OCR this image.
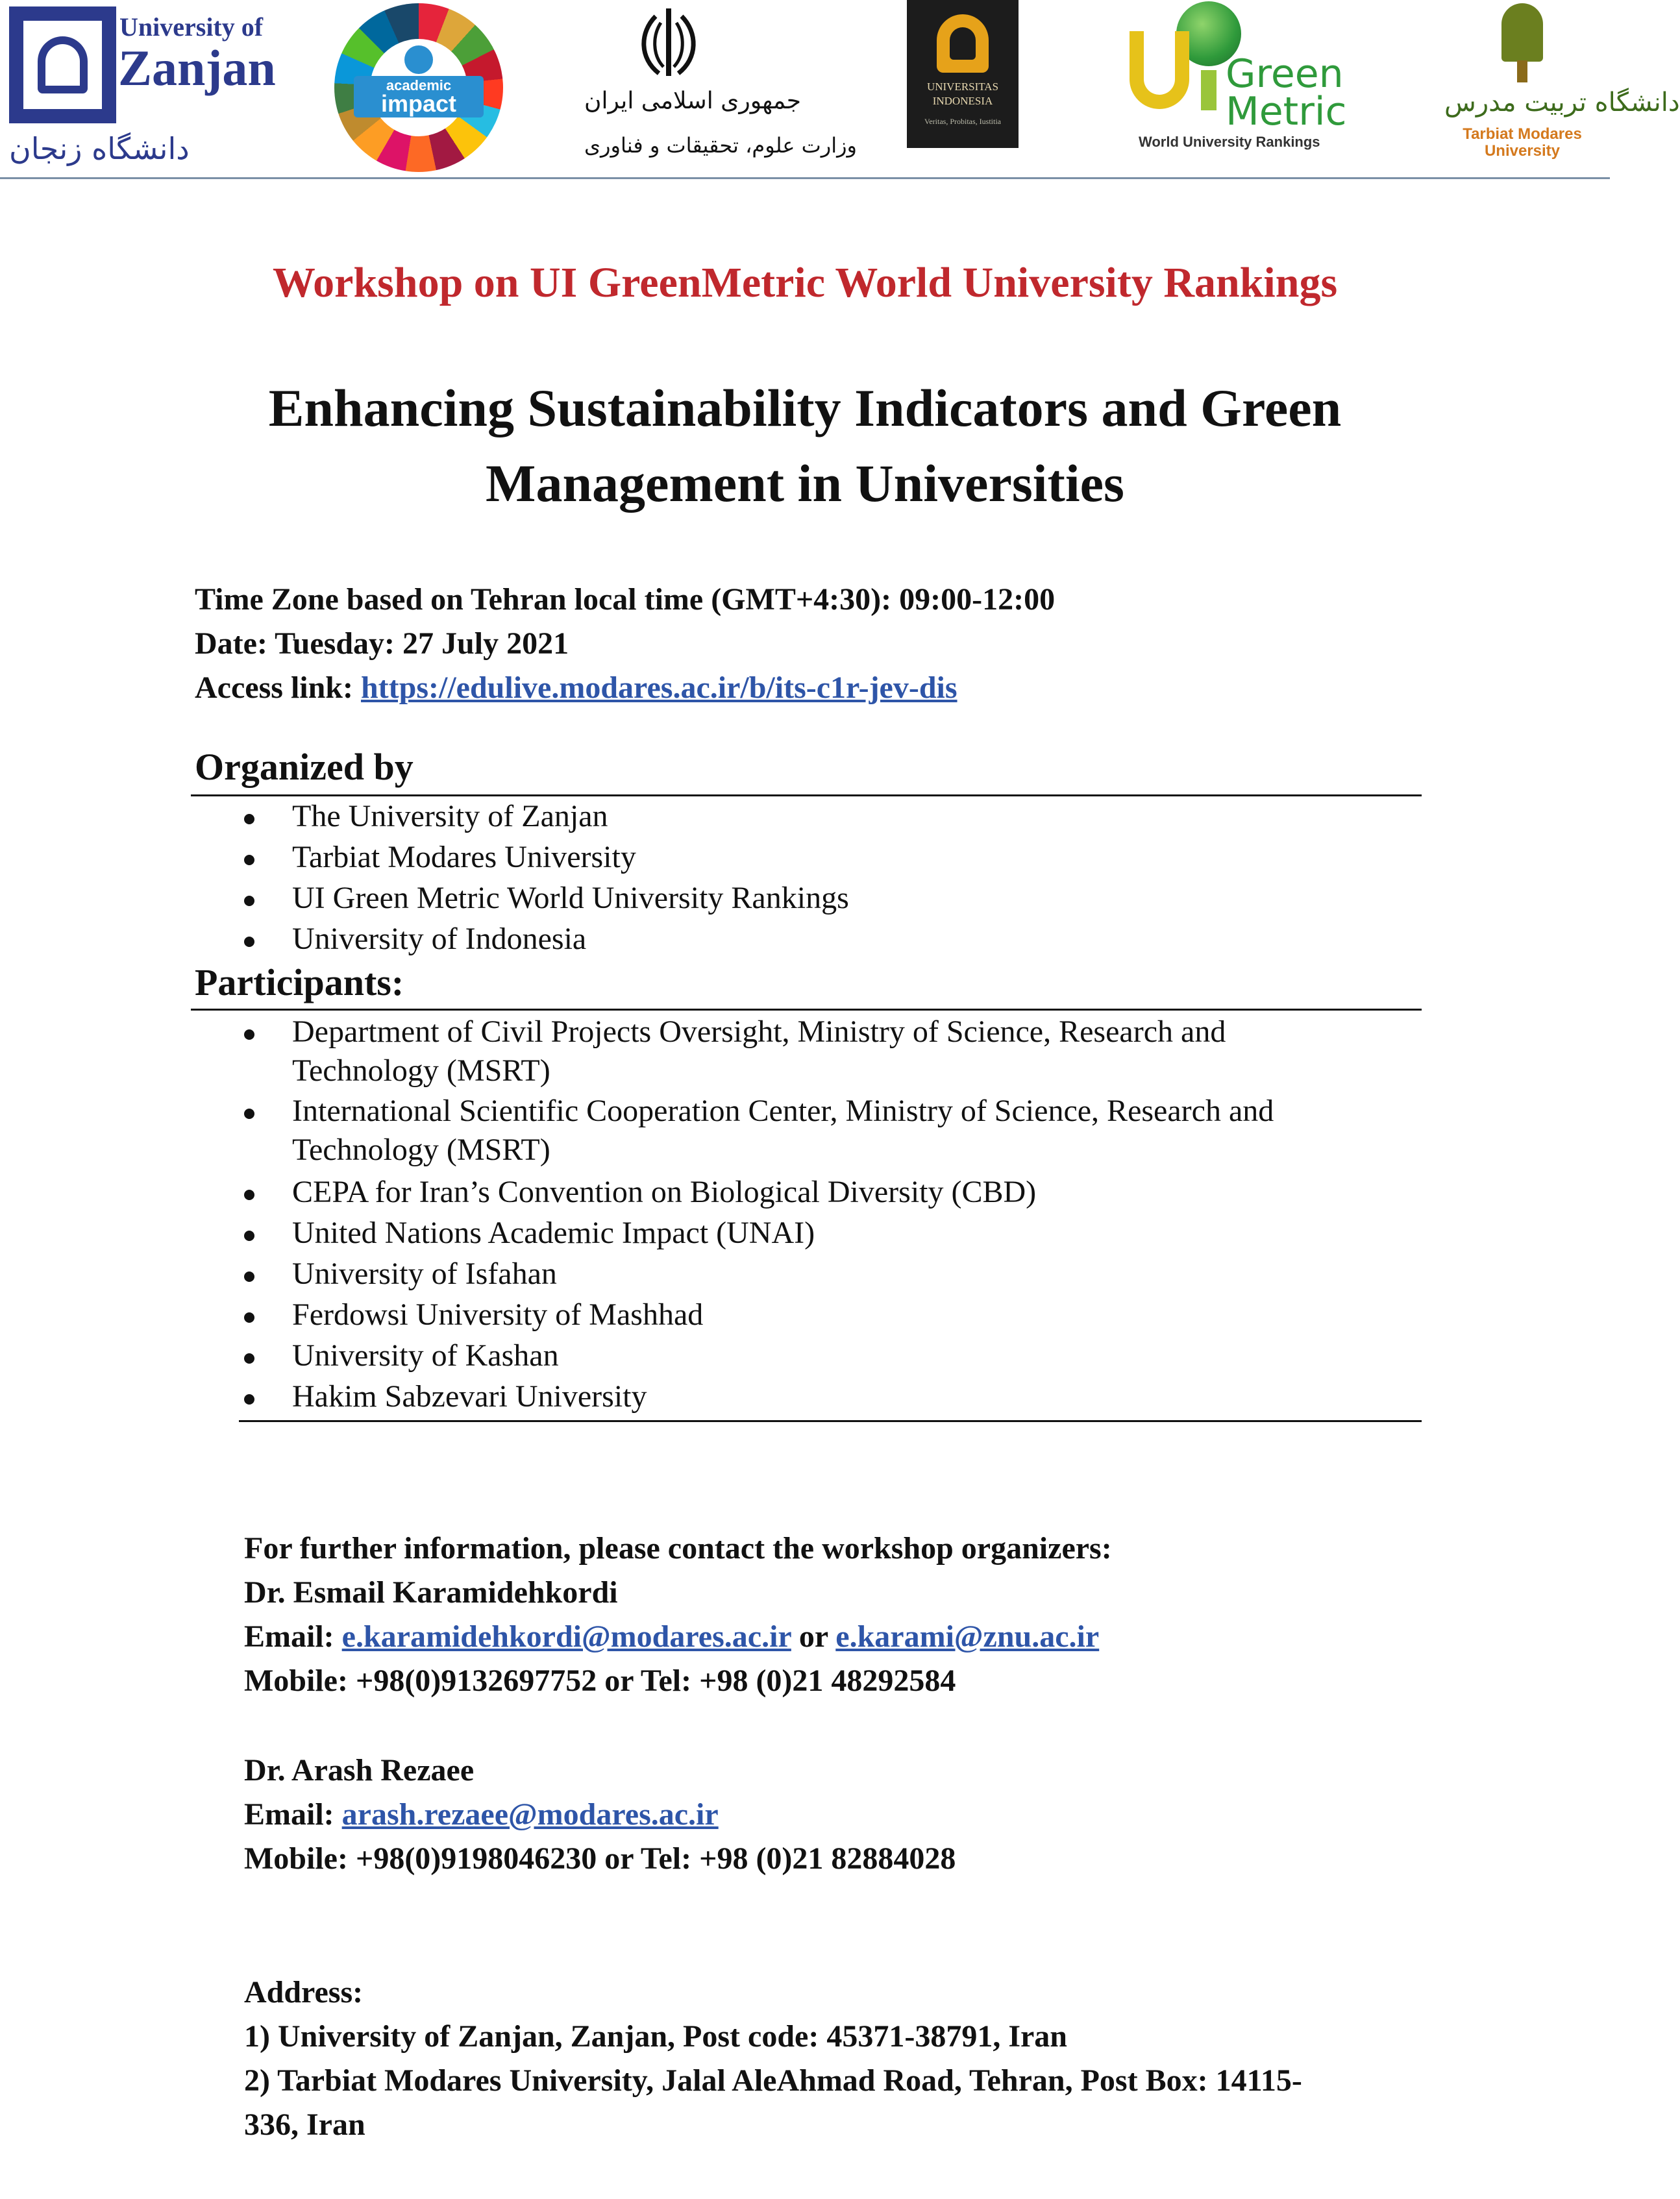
University of
Zanjan
دانشگاه زنجان
academic
impact	جمهوری اسلامی ایران
وزارت علوم، تحقیقات و فناوری
UNIVERSITAS
INDONESIA
Veritas, Probitas, Iustitia
Green
Metric
World University Rankings
دانشگاه تربیت مدرس
Tarbiat Modares
University
Workshop on UI GreenMetric World University Rankings
Enhancing Sustainability Indicators and Green
Management in Universities
Time Zone based on Tehran local time (GMT+4:30): 09:00-12:00
Date: Tuesday: 27 July 2021
Access link: https://edulive.modares.ac.ir/b/its-c1r-jev-dis
Organized by
The University of Zanjan
Tarbiat Modares University
UI Green Metric World University Rankings
University of Indonesia
Participants:
Department of Civil Projects Oversight, Ministry of Science, Research and
Technology (MSRT)
International Scientific Cooperation Center, Ministry of Science, Research and
Technology (MSRT)
CEPA for Iran’s Convention on Biological Diversity (CBD)
United Nations Academic Impact (UNAI)
University of Isfahan
Ferdowsi University of Mashhad
University of Kashan
Hakim Sabzevari University
For further information, please contact the workshop organizers:
Dr. Esmail Karamidehkordi
Email: e.karamidehkordi@modares.ac.ir or e.karami@znu.ac.ir
Mobile: +98(0)9132697752 or Tel: +98 (0)21 48292584
Dr. Arash Rezaee
Email: arash.rezaee@modares.ac.ir
Mobile: +98(0)9198046230 or Tel: +98 (0)21 82884028
Address:
1) University of Zanjan, Zanjan, Post code: 45371-38791, Iran
2) Tarbiat Modares University, Jalal AleAhmad Road, Tehran, Post Box: 14115-
336, Iran
